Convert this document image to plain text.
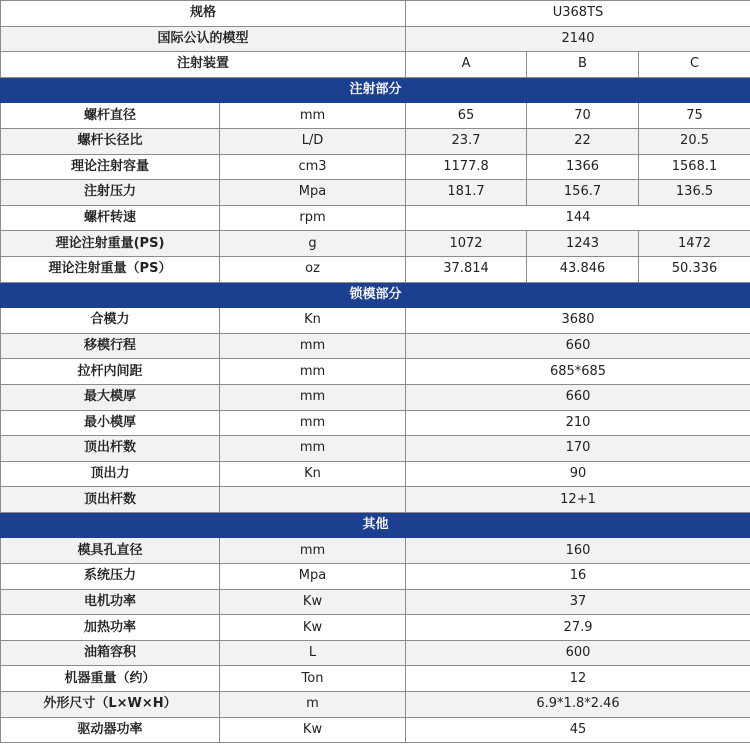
规格		U368TS		
国际公认的模型		2140		
注射装置		A	B	C
注射部分				
螺杆直径	mm	65	70	75
螺杆长径比	L/D	23.7	22	20.5
理论注射容量	cm3	1177.8	1366	1568.1
注射压力	Mpa	181.7	156.7	136.5
螺杆转速	rpm	144		
理论注射重量(PS)	g	1072	1243	1472
理论注射重量（PS）	oz	37.814	43.846	50.336
锁模部分				
合模力	Kn	3680		
移模行程	mm	660		
拉杆内间距	mm	685*685		
最大模厚	mm	660		
最小模厚	mm	210		
顶出杆数	mm	170		
顶出力	Kn	90		
顶出杆数		12+1		
其他				
模具孔直径	mm	160		
系统压力	Mpa	16		
电机功率	Kw	37		
加热功率	Kw	27.9		
油箱容积	L	600		
机器重量（约）	Ton	12		
外形尺寸（L×W×H）	m	6.9*1.8*2.46		
驱动器功率	Kw	45		
